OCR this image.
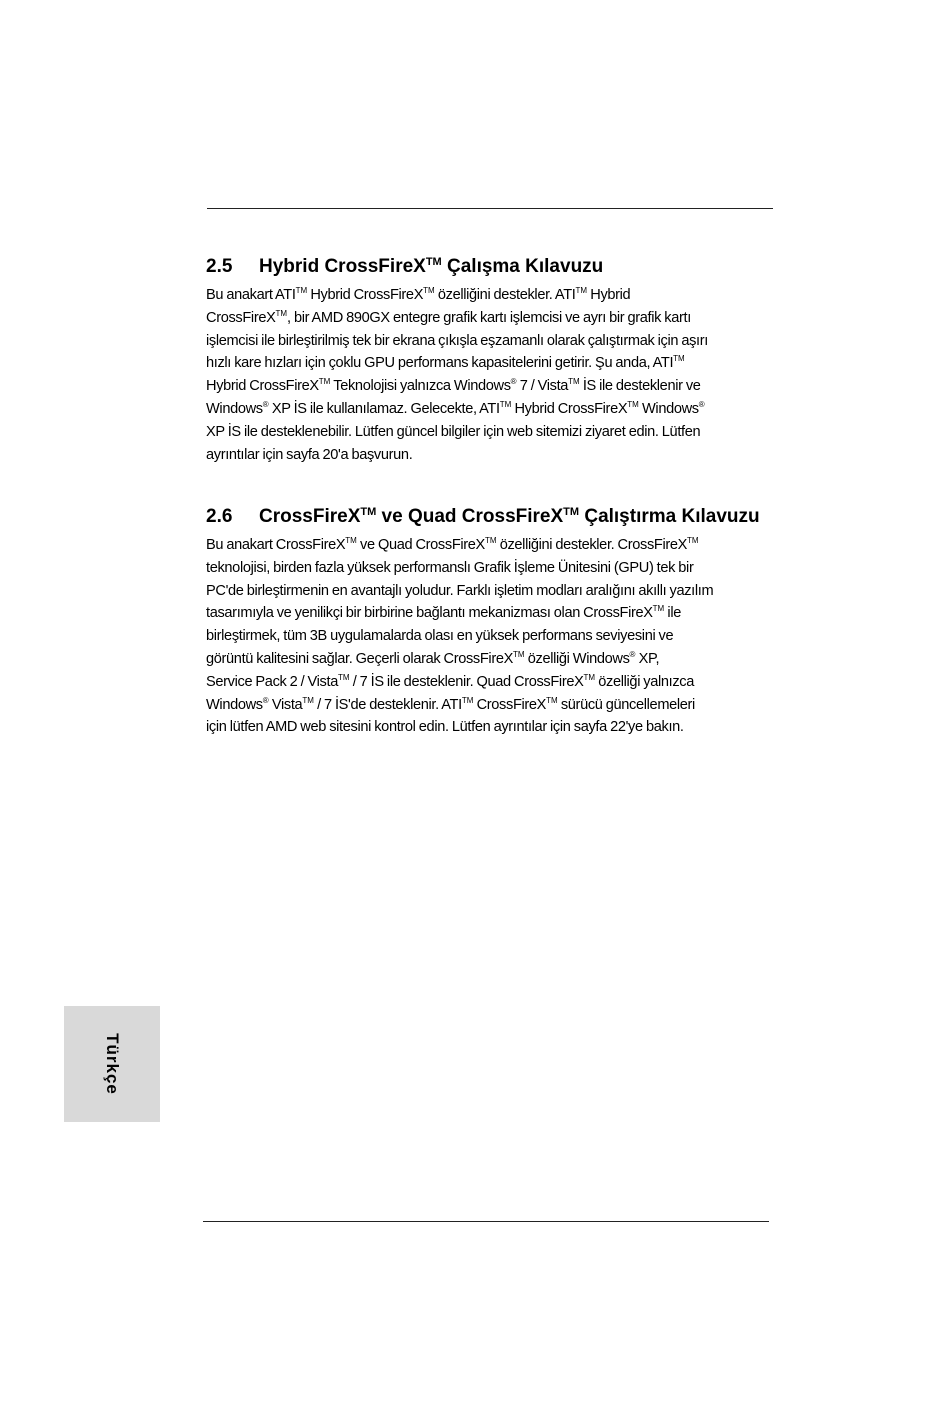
2.5	Hybrid CrossFireX™ Çalışma Kılavuzu
Bu anakart ATI™ Hybrid CrossFireX™ özelliğini destekler. ATI™ Hybrid
CrossFireX™, bir AMD 890GX entegre grafik kartı işlemcisi ve ayrı bir grafik kartı
işlemcisi ile birleştirilmiş tek bir ekrana çıkışla eşzamanlı olarak çalıştırmak için aşırı
hızlı kare hızları için çoklu GPU performans kapasitelerini getirir. Şu anda, ATI™
Hybrid CrossFireX™ Teknolojisi yalnızca Windows® 7 / Vista™ İS ile desteklenir ve
Windows® XP İS ile kullanılamaz. Gelecekte, ATI™ Hybrid CrossFireX™ Windows®
XP İS ile desteklenebilir. Lütfen güncel bilgiler için web sitemizi ziyaret edin. Lütfen
ayrıntılar için sayfa 20'a başvurun.
2.6	CrossFireX™ ve Quad CrossFireX™ Çalıştırma Kılavuzu
Bu anakart CrossFireX™ ve Quad CrossFireX™ özelliğini destekler. CrossFireX™
teknolojisi, birden fazla yüksek performanslı Grafik İşleme Ünitesini (GPU) tek bir
PC'de birleştirmenin en avantajlı yoludur. Farklı işletim modları aralığını akıllı yazılım
tasarımıyla ve yenilikçi bir birbirine bağlantı mekanizması olan CrossFireX™ ile
birleştirmek, tüm 3B uygulamalarda olası en yüksek performans seviyesini ve
görüntü kalitesini sağlar. Geçerli olarak CrossFireX™ özelliği Windows® XP,
Service Pack 2 / Vista™ / 7 İS ile desteklenir. Quad CrossFireX™ özelliği yalnızca
Windows® Vista™ / 7 İS'de desteklenir. ATI™ CrossFireX™ sürücü güncellemeleri
için lütfen AMD web sitesini kontrol edin. Lütfen ayrıntılar için sayfa 22'ye bakın.
Türkçe
